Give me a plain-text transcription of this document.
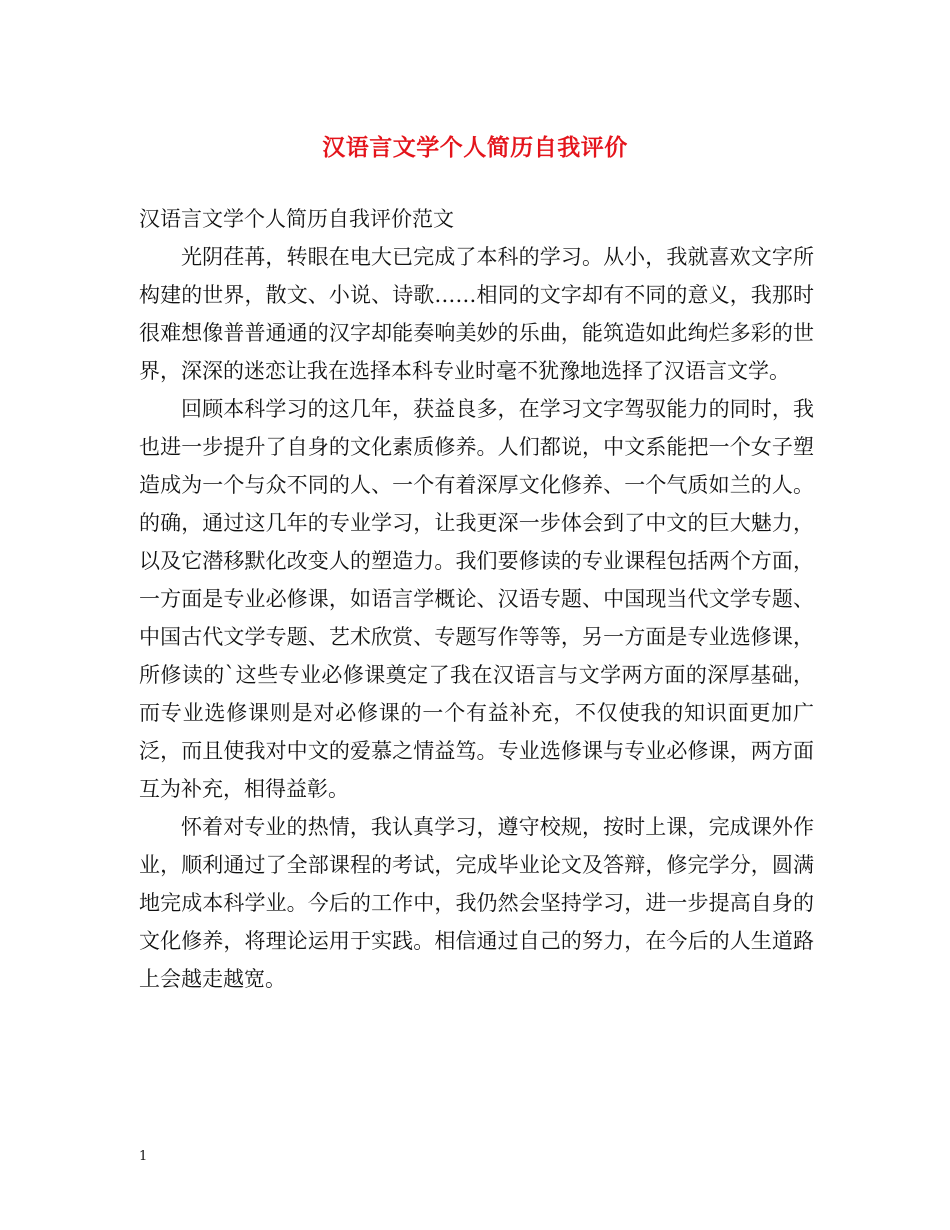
汉语言文学个人简历自我评价

汉语言文学个人简历自我评价范文

光阴荏苒，转眼在电大已完成了本科的学习。从小，我就喜欢文字所构建的世界，散文、小说、诗歌……相同的文字却有不同的意义，我那时很难想像普普通通的汉字却能奏响美妙的乐曲，能筑造如此绚烂多彩的世界，深深的迷恋让我在选择本科专业时毫不犹豫地选择了汉语言文学。

回顾本科学习的这几年，获益良多，在学习文字驾驭能力的同时，我也进一步提升了自身的文化素质修养。人们都说，中文系能把一个女子塑造成为一个与众不同的人、一个有着深厚文化修养、一个气质如兰的人。的确，通过这几年的专业学习，让我更深一步体会到了中文的巨大魅力，以及它潜移默化改变人的塑造力。我们要修读的专业课程包括两个方面，一方面是专业必修课，如语言学概论、汉语专题、中国现当代文学专题、中国古代文学专题、艺术欣赏、专题写作等等，另一方面是专业选修课，所修读的`这些专业必修课奠定了我在汉语言与文学两方面的深厚基础，而专业选修课则是对必修课的一个有益补充，不仅使我的知识面更加广泛，而且使我对中文的爱慕之情益笃。专业选修课与专业必修课，两方面互为补充，相得益彰。

怀着对专业的热情，我认真学习，遵守校规，按时上课，完成课外作业，顺利通过了全部课程的考试，完成毕业论文及答辩，修完学分，圆满地完成本科学业。今后的工作中，我仍然会坚持学习，进一步提高自身的文化修养，将理论运用于实践。相信通过自己的努力，在今后的人生道路上会越走越宽。

1
